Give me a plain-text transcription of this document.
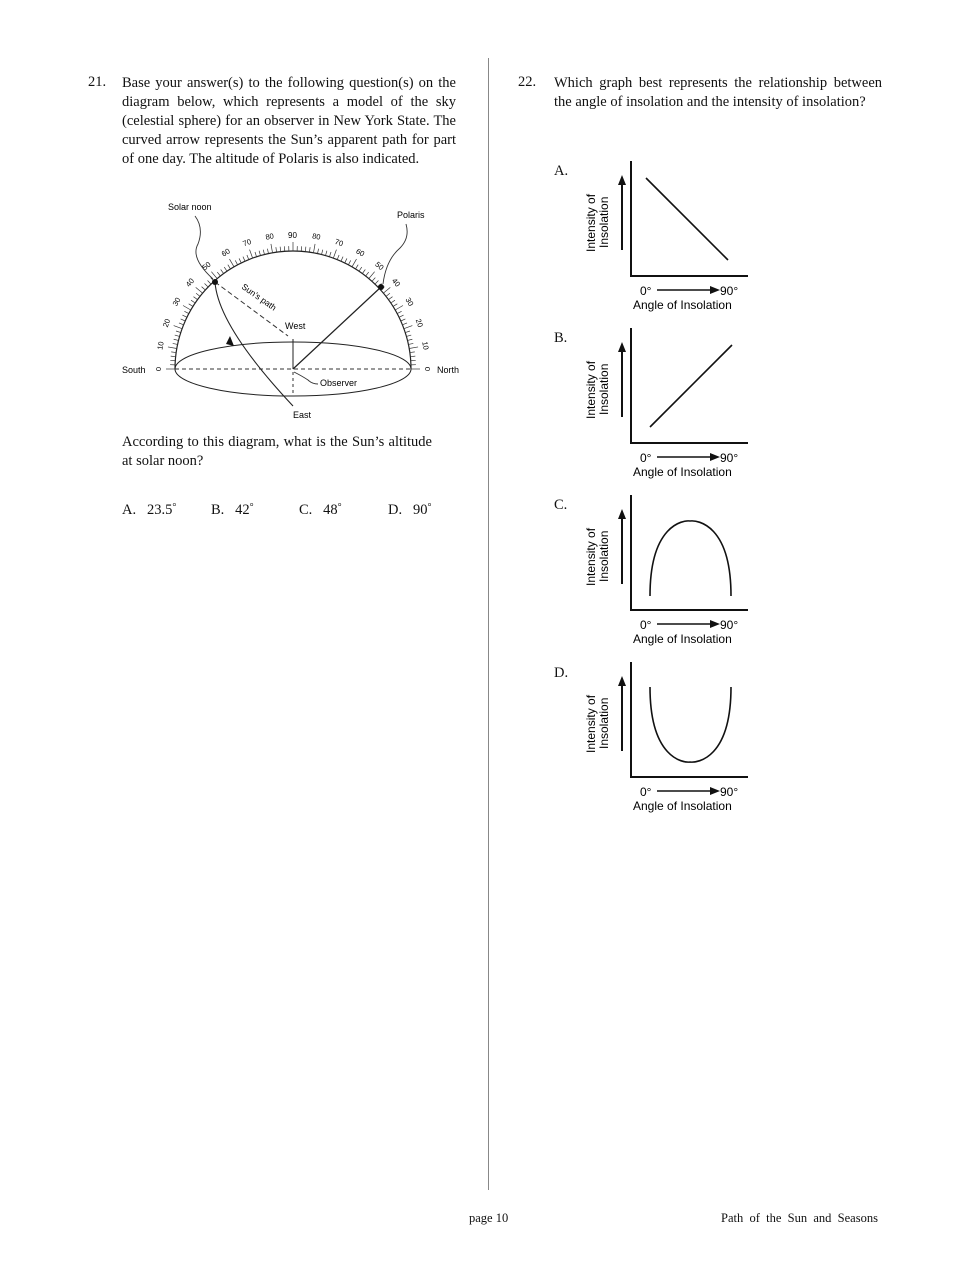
21. Base your answer(s) to the following question(s) on the diagram below, which represents a model of the sky (celestial sphere) for an observer in New York State. The curved arrow represents the Sun’s apparent path for part of one day. The altitude of Polaris is also indicated.
Solar noon
Polaris
Sun’s path
West
East
South	North
Observer
90
0
10
20
30
40
50
60
70
80	80
70
60
50
40
30
20
10
0
According to this diagram, what is the Sun’s altitude at solar noon?
A. 23.5° B. 42°	C. 48°	D. 90°
22. Which graph best represents the relationship between the angle of insolation and the intensity of insolation?
A.
Intensity of Insolation
0°	90°
Angle of Insolation
B.
Intensity of Insolation
0°	90°
Angle of Insolation
C.
Intensity of Insolation
0°	90°
Angle of Insolation
D.
Intensity of Insolation
0°	90°
Angle of Insolation
page 10	Path  of  the  Sun  and  Seasons
